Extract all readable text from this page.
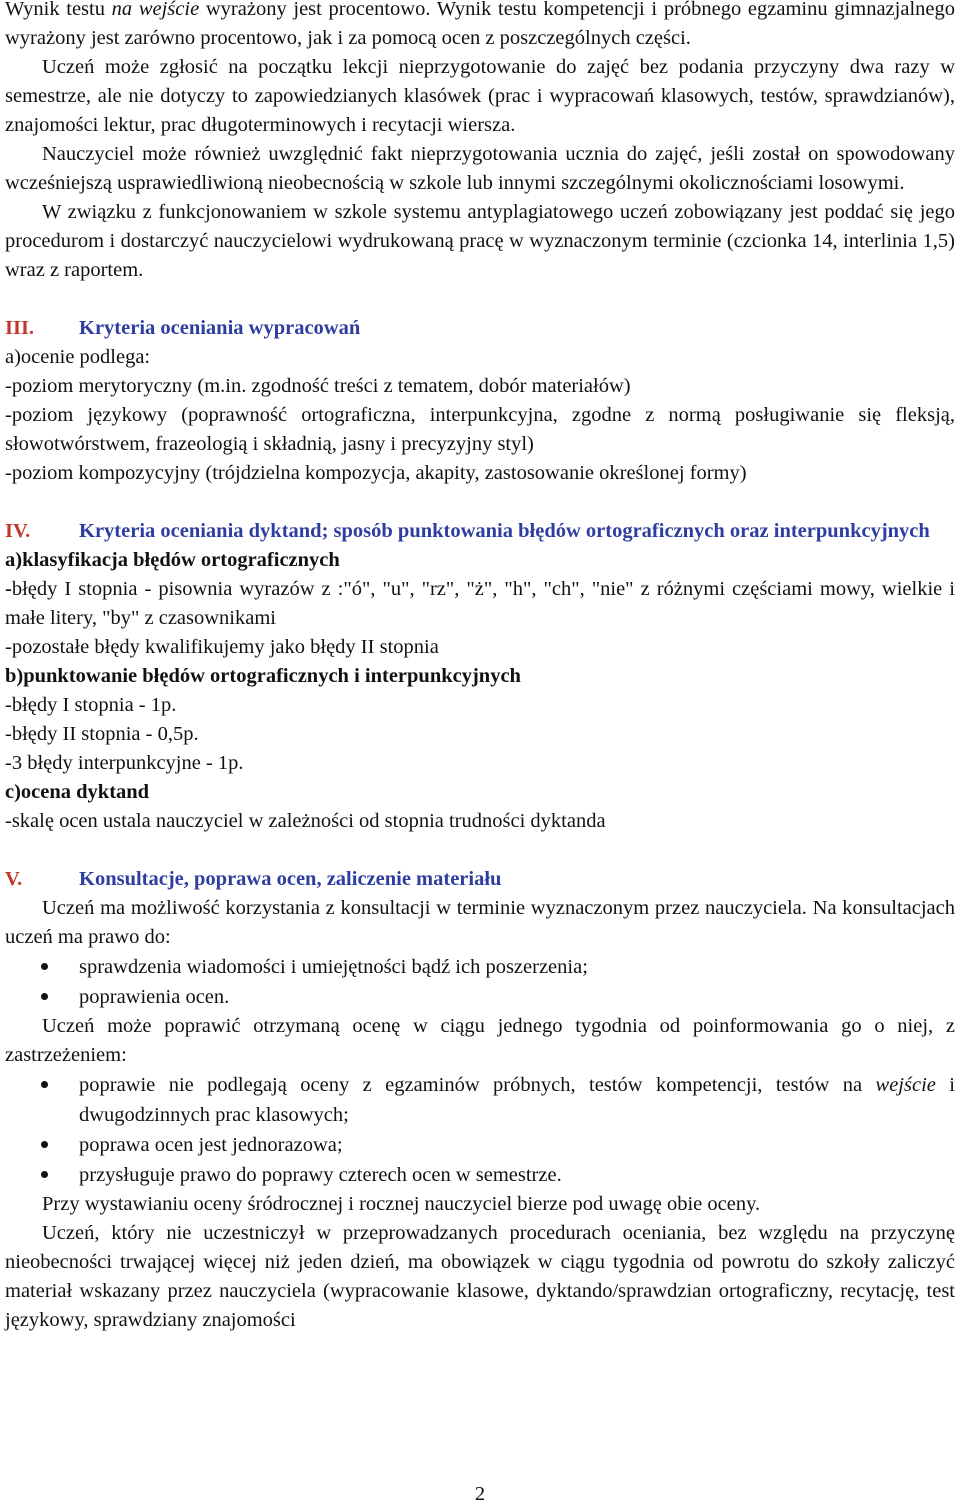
Wynik testu na wejście wyrażony jest procentowo. Wynik testu kompetencji i próbnego egzaminu gimnazjalnego wyrażony jest zarówno procentowo, jak i za pomocą ocen z poszczególnych części.

Uczeń może zgłosić na początku lekcji nieprzygotowanie do zajęć bez podania przyczyny dwa razy w semestrze, ale nie dotyczy to zapowiedzianych klasówek (prac i wypracowań klasowych, testów, sprawdzianów), znajomości lektur, prac długoterminowych i recytacji wiersza.

Nauczyciel może również uwzględnić fakt nieprzygotowania ucznia do zajęć, jeśli został on spowodowany wcześniejszą usprawiedliwioną nieobecnością w szkole lub innymi szczególnymi okolicznościami losowymi.

W związku z funkcjonowaniem w szkole systemu antyplagiatowego uczeń zobowiązany jest poddać się jego procedurom i dostarczyć nauczycielowi wydrukowaną pracę w wyznaczonym terminie (czcionka 14, interlinia 1,5) wraz z raportem.

III.	Kryteria oceniania wypracowań

a)ocenie podlega:

-poziom merytoryczny (m.in. zgodność treści z tematem, dobór materiałów)

-poziom językowy (poprawność ortograficzna, interpunkcyjna, zgodne z normą posługiwanie się fleksją, słowotwórstwem, frazeologią i składnią, jasny i precyzyjny styl)

-poziom kompozycyjny (trójdzielna kompozycja, akapity, zastosowanie określonej formy)

IV. Kryteria oceniania dyktand; sposób punktowania błędów ortograficznych oraz interpunkcyjnych

a)klasyfikacja błędów ortograficznych

-błędy I stopnia - pisownia wyrazów z :"ó", "u", "rz", "ż", "h", "ch", "nie" z różnymi częściami mowy, wielkie i małe litery, "by" z czasownikami

-pozostałe błędy kwalifikujemy jako błędy II stopnia

b)punktowanie błędów ortograficznych i interpunkcyjnych

-błędy I stopnia - 1p.

-błędy II stopnia - 0,5p.

-3 błędy interpunkcyjne - 1p.

c)ocena dyktand

-skalę ocen ustala nauczyciel w zależności od stopnia trudności dyktanda

V.	Konsultacje, poprawa ocen, zaliczenie materiału

Uczeń ma możliwość korzystania z konsultacji w terminie wyznaczonym przez nauczyciela. Na konsultacjach uczeń ma prawo do:

sprawdzenia wiadomości i umiejętności bądź ich poszerzenia;
poprawienia ocen.

Uczeń może poprawić otrzymaną ocenę w ciągu jednego tygodnia od poinformowania go o niej, z zastrzeżeniem:

poprawie nie podlegają oceny z egzaminów próbnych, testów kompetencji, testów na wejście i dwugodzinnych prac klasowych;
poprawa ocen jest jednorazowa;
przysługuje prawo do poprawy czterech ocen w semestrze.

Przy wystawianiu oceny śródrocznej i rocznej nauczyciel bierze pod uwagę obie oceny.

Uczeń, który nie uczestniczył w przeprowadzanych procedurach oceniania, bez względu na przyczynę nieobecności trwającej więcej niż jeden dzień, ma obowiązek w ciągu tygodnia od powrotu do szkoły zaliczyć materiał wskazany przez nauczyciela (wypracowanie klasowe, dyktando/sprawdzian ortograficzny, recytację, test językowy, sprawdziany znajomości

2
